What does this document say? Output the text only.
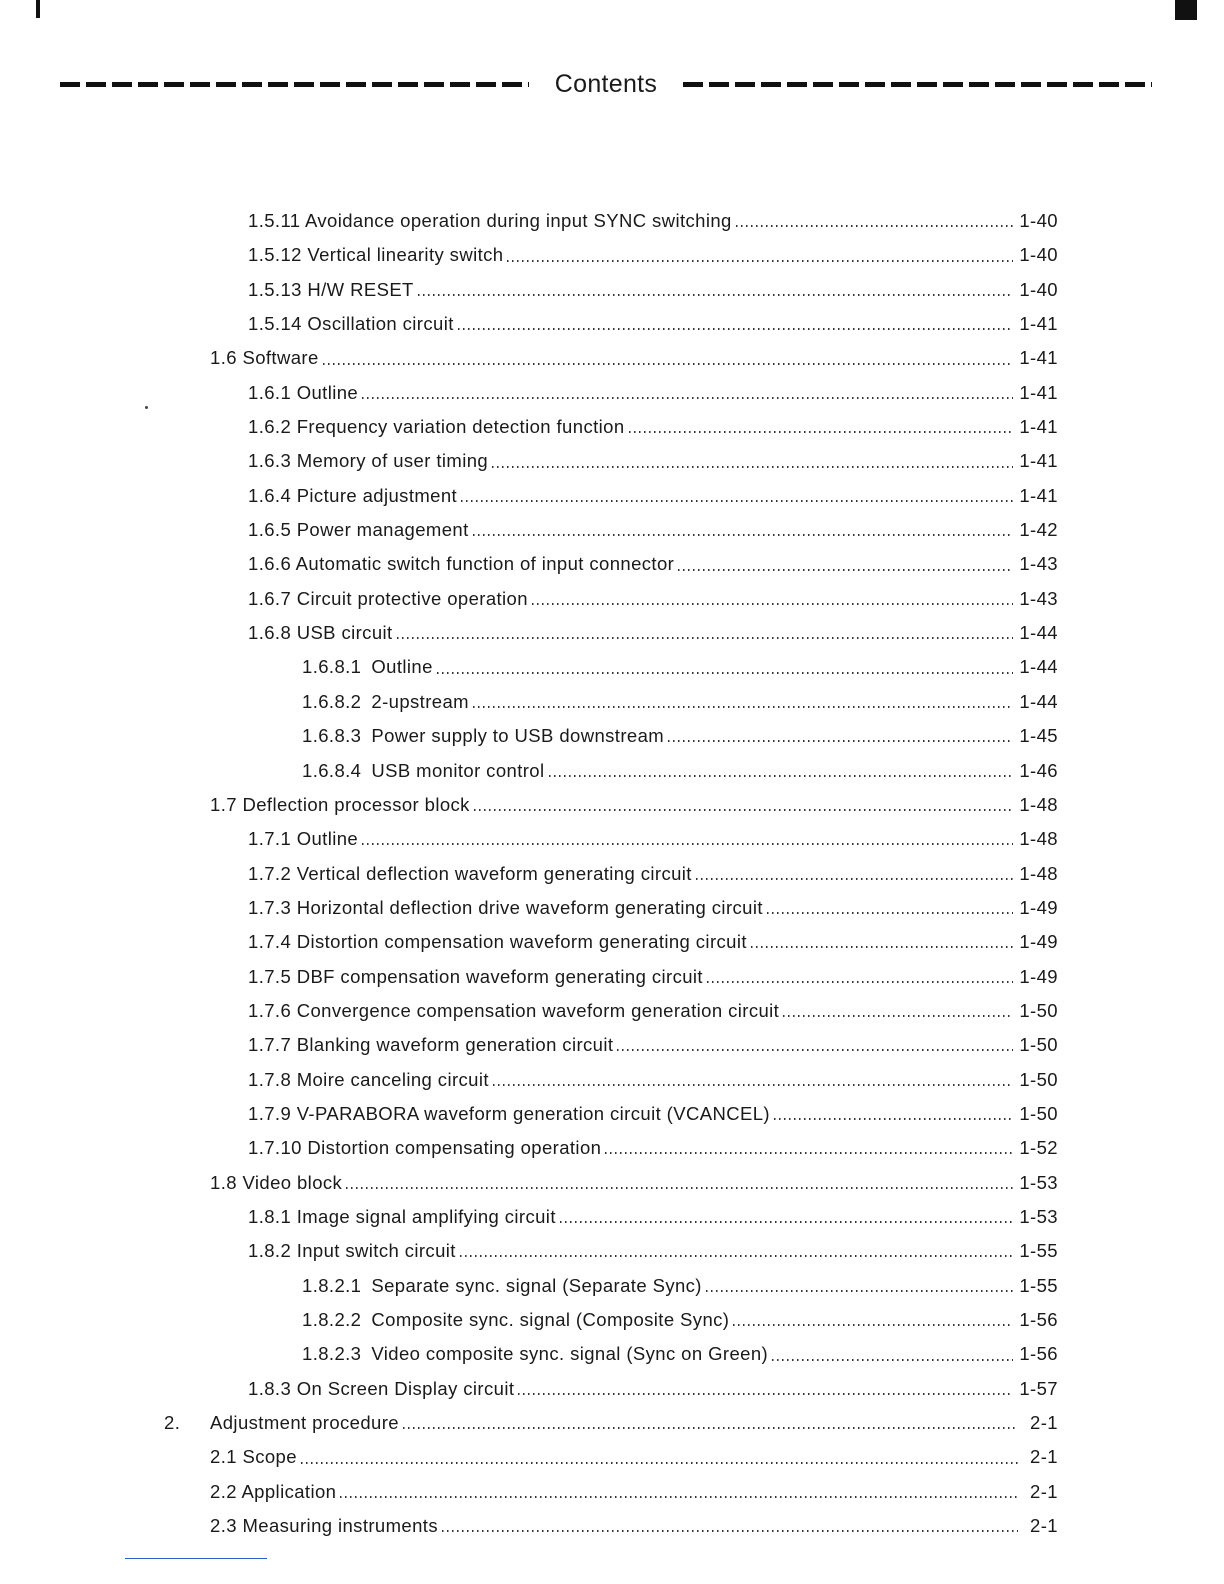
Contents
1.5.11 Avoidance operation during input SYNC switching	1-40
1.5.12 Vertical linearity switch	1-40
1.5.13 H/W RESET	1-40
1.5.14 Oscillation circuit	1-41
1.6 Software	1-41
1.6.1 Outline	1-41
1.6.2 Frequency variation detection function	1-41
1.6.3 Memory of user timing	1-41
1.6.4 Picture adjustment	1-41
1.6.5 Power management	1-42
1.6.6 Automatic switch function of input connector	1-43
1.6.7 Circuit protective operation	1-43
1.6.8 USB circuit	1-44
1.6.8.1 Outline	1-44
1.6.8.2 2-upstream	1-44
1.6.8.3 Power supply to USB downstream	1-45
1.6.8.4 USB monitor control	1-46
1.7 Deflection processor block	1-48
1.7.1 Outline	1-48
1.7.2 Vertical deflection waveform generating circuit	1-48
1.7.3 Horizontal deflection drive waveform generating circuit	1-49
1.7.4 Distortion compensation waveform generating circuit	1-49
1.7.5 DBF compensation waveform generating circuit	1-49
1.7.6 Convergence compensation waveform generation circuit	1-50
1.7.7 Blanking waveform generation circuit	1-50
1.7.8 Moire canceling circuit	1-50
1.7.9 V-PARABORA waveform generation circuit (VCANCEL)	1-50
1.7.10 Distortion compensating operation	1-52
1.8 Video block	1-53
1.8.1 Image signal amplifying circuit	1-53
1.8.2 Input switch circuit	1-55
1.8.2.1 Separate sync. signal (Separate Sync)	1-55
1.8.2.2 Composite sync. signal (Composite Sync)	1-56
1.8.2.3 Video composite sync. signal (Sync on Green)	1-56
1.8.3 On Screen Display circuit	1-57
2. Adjustment procedure	2-1
2.1 Scope	2-1
2.2 Application	2-1
2.3 Measuring instruments	2-1
